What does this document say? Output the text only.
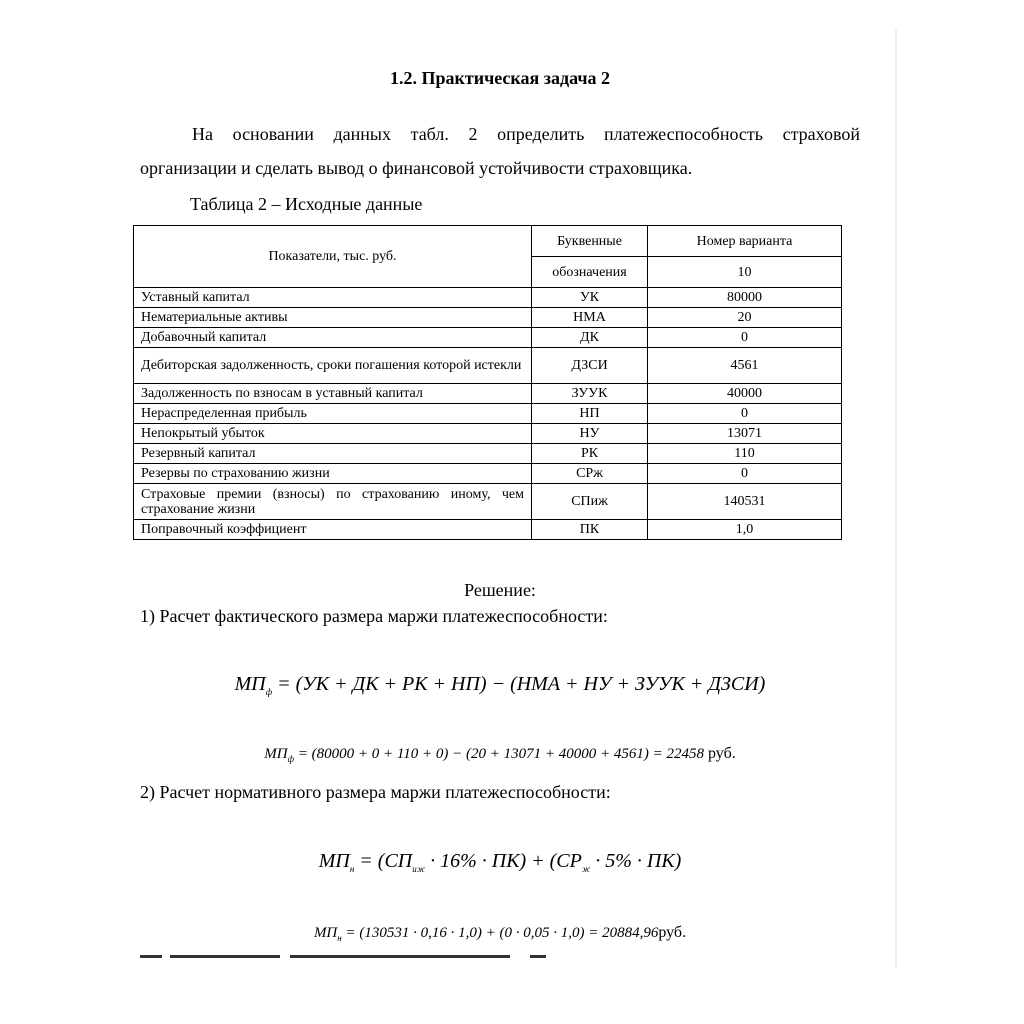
1.2. Практическая задача 2
На основании данных табл. 2 определить платежеспособность страховой
организации и сделать вывод о финансовой устойчивости страховщика.
Таблица 2 – Исходные данные
Показатели, тыс. руб.	Буквенные	Номер варианта
	обозначения	10
Уставный капитал	УК	80000
Нематериальные активы	НМА	20
Добавочный капитал	ДК	0
Дебиторская задолженность, сроки погашения которой истекли	ДЗСИ	4561
Задолженность по взносам в уставный капитал	ЗУУК	40000
Нераспределенная прибыль	НП	0
Непокрытый убыток	НУ	13071
Резервный капитал	РК	110
Резервы по страхованию жизни	СРж	0
Страховые премии (взносы) по страхованию иному, чем страхование жизни	СПиж	140531
Поправочный коэффициент	ПК	1,0
Решение:
1) Расчет фактического размера маржи платежеспособности:
$МП_ф = (УК$ + ДК + РК + НП) − (НМА + НУ + ЗУУК + ДЗСИ)
$МП_ф = (80000 + 0 + 110 + 0) - (20 + 13071 + 40000 + 4561) = 22458$ руб.
2) Расчет нормативного размера маржи платежеспособности:
$МП_н = (СП_{иж} \cdot 16\% \cdot ПК) + (СР_ж \cdot 5\% \cdot ПК)$
$МП_н = (130531 \cdot 0,16 \cdot 1,0) + (0 \cdot 0,05 \cdot 1,0) = 20884,96руб$.
